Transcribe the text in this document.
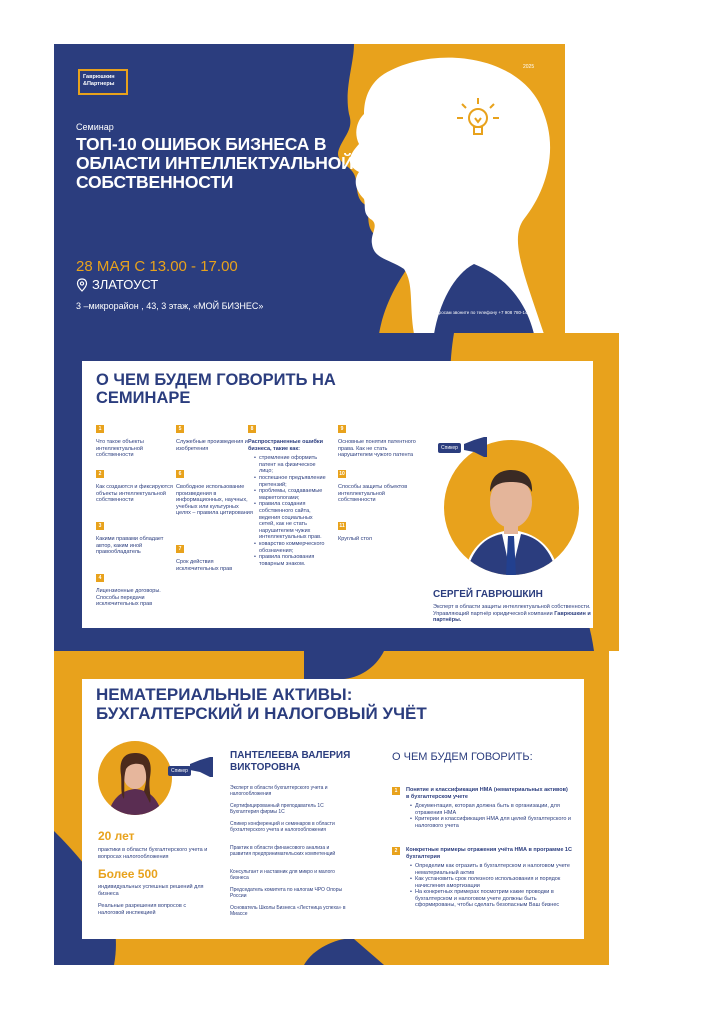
Гаврюшкин
&Партнеры
2025
Семинар
ТОП-10 ОШИБОК БИЗНЕСА В ОБЛАСТИ ИНТЕЛЛЕКТУАЛЬНОЙ СОБСТВЕННОСТИ
28 МАЯ С 13.00 - 17.00
ЗЛАТОУСТ
3 –микрорайон , 43, 3 этаж, «МОЙ БИЗНЕС»
По всем вопросам звоните по телефону +7 908 780-14-16
О ЧЕМ БУДЕМ ГОВОРИТЬ НА СЕМИНАРЕ
1
Что такое объекты интеллектуальной собственности
2
Как создаются и фиксируются объекты интеллектуальной собственности
3
Какими правами обладает автор, каким иной правообладатель
4
Лицензионные договоры. Способы передачи исключительных прав
5
Служебные произведения и изобретения
6
Свободное использование произведения в информационных, научных, учебных или культурных целях – правила цитирования
7
Срок действия исключительных прав
8
Распространенные ошибки бизнеса, такие как:
• стремление оформить патент на физическое лицо;
• поспешное предъявление претензий;
• проблемы, создаваемые маркетологами;
• правила создания собственного сайта, ведения социальных сетей, как не стать нарушителем чужих интеллектуальных прав.
• коварство коммерческого обозначения;
• правила пользования товарным знаком.
9
Основные понятия патентного права. Как не стать нарушителем чужого патента
10
Способы защиты объектов интеллектуальной собственности
11
Круглый стол
Спикер
СЕРГЕЙ ГАВРЮШКИН
Эксперт в области защиты интеллектуальной собственности. Управляющий партнёр юридической компании Гаврюшкин и партнёры.
НЕМАТЕРИАЛЬНЫЕ АКТИВЫ: БУХГАЛТЕРСКИЙ И НАЛОГОВЫЙ УЧЁТ
Спикер
20 лет
практики в области бухгалтерского учета и вопросах налогообложения
Более 500
индивидуальных успешных решений для бизнеса
Реальные разрешения вопросов с налоговой инспекцией
ПАНТЕЛЕЕВА ВАЛЕРИЯ ВИКТОРОВНА
Эксперт в области бухгалтерского учета и налогообложения
Сертифицированный преподаватель 1С Бухгалтерия фирмы 1С
Спикер конференций и семинаров в области бухгалтерского учета и налогообложения
Практик в области финансового анализа и развития предпринимательских компетенций
Консультант и наставник для микро и малого бизнеса
Председатель комитета по налогам ЧРО Опоры России
Основатель Школы Бизнеса «Лестница успеха» в Миассе
О ЧЕМ БУДЕМ ГОВОРИТЬ:
1	Понятие и классификация НМА (нематериальных активов) в бухгалтерском учете
• Документация, которая должна быть в организации, для отражения НМА
• Критерии и классификация НМА для целей бухгалтерского и налогового учета
2	Конкретные примеры отражения учёта НМА в программе 1С бухгалтерия
• Определим как отразить в бухгалтерском и налоговом учете нематериальный актив
• Как установить срок полезного использования и порядок начисления амортизации
• На конкретных примерах посмотрим какие проводки в бухгалтерском и налоговом учете должны быть сформированы, чтобы сделать безопасным Ваш бизнес
